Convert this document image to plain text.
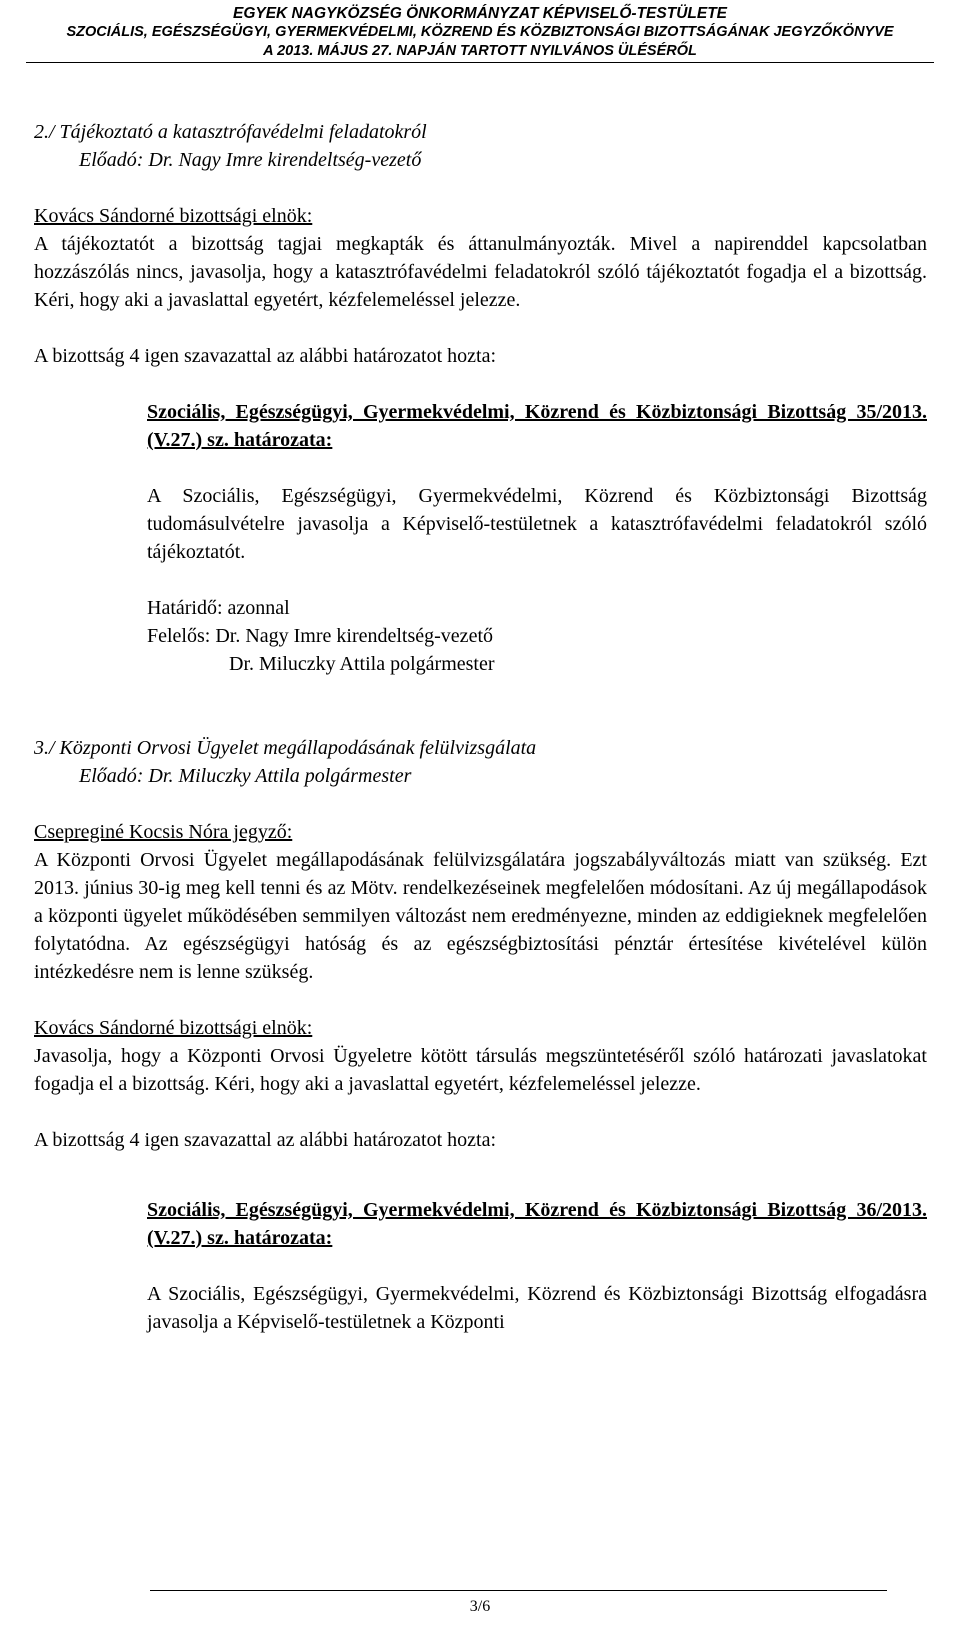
EGYEK NAGYKÖZSÉG ÖNKORMÁNYZAT KÉPVISELŐ-TESTÜLETE
SZOCIÁLIS, EGÉSZSÉGÜGYI, GYERMEKVÉDELMI, KÖZREND ÉS KÖZBIZTONSÁGI BIZOTTSÁGÁNAK JEGYZŐKÖNYVE
A 2013. MÁJUS 27. NAPJÁN TARTOTT NYILVÁNOS ÜLÉSÉRŐL

2./ Tájékoztató a katasztrófavédelmi feladatokról

Előadó: Dr. Nagy Imre kirendeltség-vezető

Kovács Sándorné bizottsági elnök:

A tájékoztatót a bizottság tagjai megkapták és áttanulmányozták. Mivel a napirenddel kapcsolatban hozzászólás nincs, javasolja, hogy a katasztrófavédelmi feladatokról szóló tájékoztatót fogadja el a bizottság. Kéri, hogy aki a javaslattal egyetért, kézfelemeléssel jelezze.

A bizottság 4 igen szavazattal az alábbi határozatot hozta:

Szociális, Egészségügyi, Gyermekvédelmi, Közrend és Közbiztonsági Bizottság 35/2013.(V.27.) sz. határozata:

A Szociális, Egészségügyi, Gyermekvédelmi, Közrend és Közbiztonsági Bizottság tudomásulvételre javasolja a Képviselő-testületnek a katasztrófavédelmi feladatokról szóló tájékoztatót.

Határidő: azonnal

Felelős: Dr. Nagy Imre kirendeltség-vezető

Dr. Miluczky Attila polgármester

3./ Központi Orvosi Ügyelet megállapodásának felülvizsgálata

Előadó: Dr. Miluczky Attila polgármester

Csepreginé Kocsis Nóra jegyző:

A Központi Orvosi Ügyelet megállapodásának felülvizsgálatára jogszabályváltozás miatt van szükség. Ezt 2013. június 30-ig meg kell tenni és az Mötv. rendelkezéseinek megfelelően módosítani. Az új megállapodások a központi ügyelet működésében semmilyen változást nem eredményezne, minden az eddigieknek megfelelően folytatódna. Az egészségügyi hatóság és az egészségbiztosítási pénztár értesítése kivételével külön intézkedésre nem is lenne szükség.

Kovács Sándorné bizottsági elnök:

Javasolja, hogy a Központi Orvosi Ügyeletre kötött társulás megszüntetéséről szóló határozati javaslatokat fogadja el a bizottság. Kéri, hogy aki a javaslattal egyetért, kézfelemeléssel jelezze.

A bizottság 4 igen szavazattal az alábbi határozatot hozta:

Szociális, Egészségügyi, Gyermekvédelmi, Közrend és Közbiztonsági Bizottság 36/2013.(V.27.) sz. határozata:

A Szociális, Egészségügyi, Gyermekvédelmi, Közrend és Közbiztonsági Bizottság elfogadásra javasolja a Képviselő-testületnek a Központi

3/6
